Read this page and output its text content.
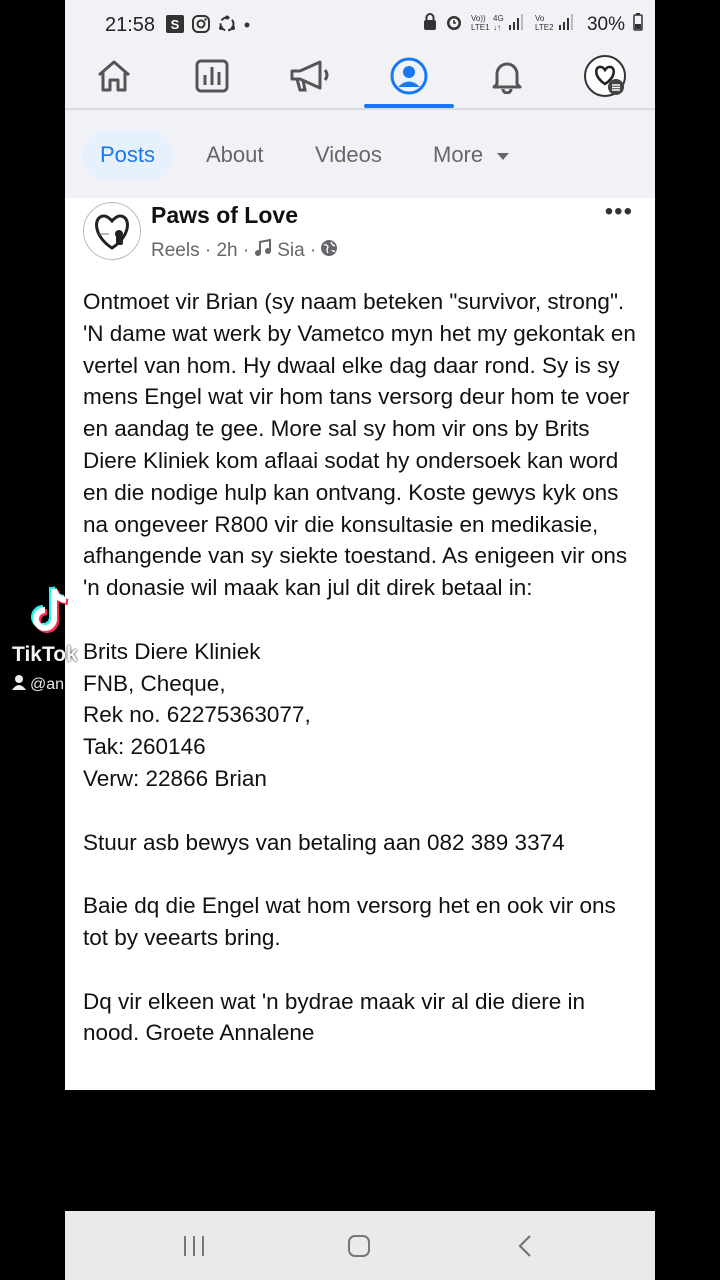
21:58 S	Vo))
LTE1
4G
↓↑
Vo
LTE2 30%
Posts	About	Videos	More
Paws of Love
Reels · 2h · Sia ·
•••
Ontmoet vir Brian (sy naam beteken "survivor, strong". 'N dame wat werk by Vametco myn het my gekontak en vertel van hom. Hy dwaal elke dag daar rond. Sy is sy mens Engel wat vir hom tans versorg deur hom te voer en aandag te gee. More sal sy hom vir ons by Brits Diere Kliniek kom aflaai sodat hy ondersoek kan word en die nodige hulp kan ontvang. Koste gewys kyk ons na ongeveer R800 vir die konsultasie en medikasie, afhangende van sy siekte toestand. As enigeen vir ons 'n donasie wil maak kan jul dit direk betaal in:

Brits Diere Kliniek
FNB, Cheque,
Rek no. 62275363077,
Tak: 260146
Verw: 22866 Brian

Stuur asb bewys van betaling aan 082 389 3374

Baie dq die Engel wat hom versorg het en ook vir ons tot by veearts bring.

Dq vir elkeen wat 'n bydrae maak vir al die diere in nood. Groete Annalene
TikTok
@an
